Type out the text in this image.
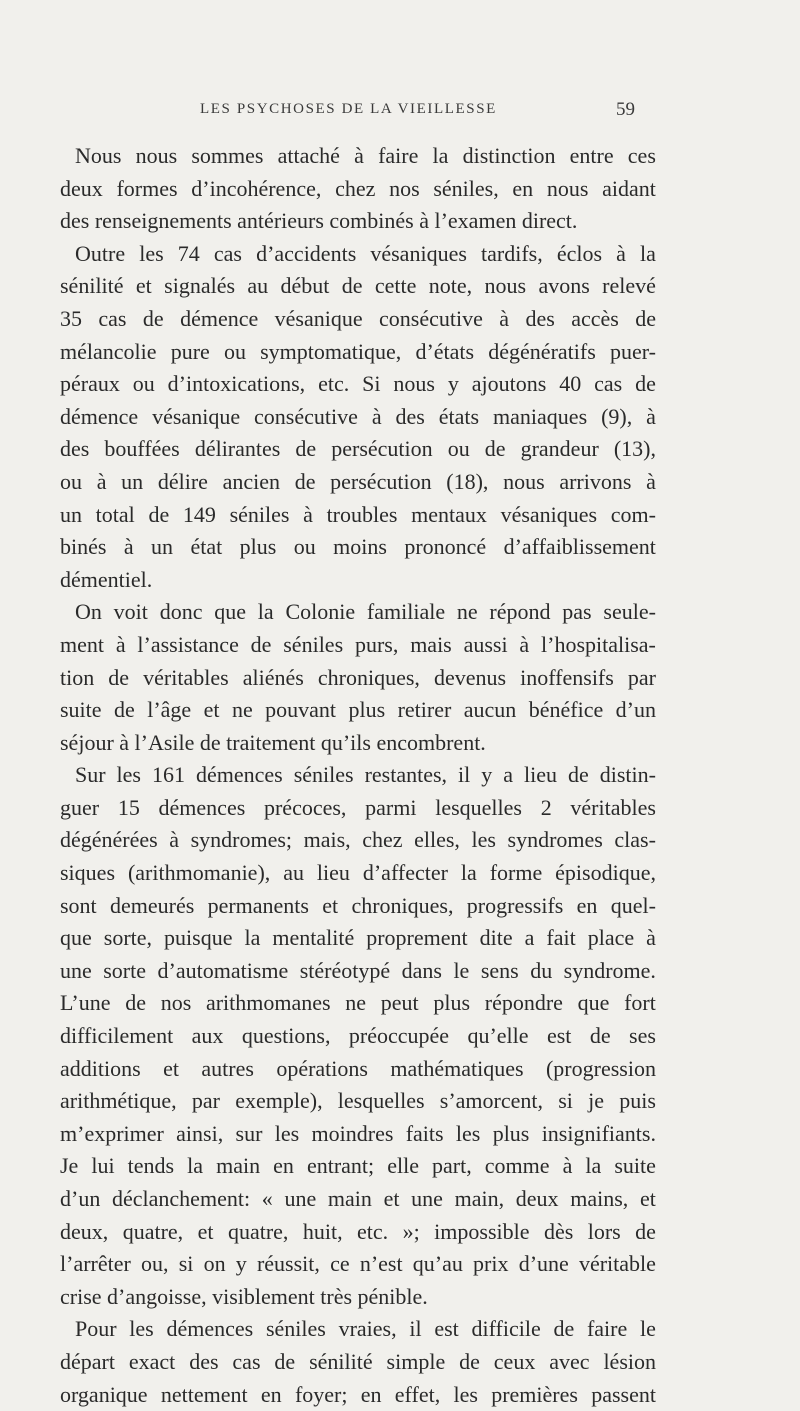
LES PSYCHOSES DE LA VIEILLESSE	59
Nous nous sommes attaché à faire la distinction entre ces
deux formes d’incohérence, chez nos séniles, en nous aidant
des renseignements antérieurs combinés à l’examen direct.
Outre les 74 cas d’accidents vésaniques tardifs, éclos à la
sénilité et signalés au début de cette note, nous avons relevé
35 cas de démence vésanique consécutive à des accès de
mélancolie pure ou symptomatique, d’états dégénératifs puer-
péraux ou d’intoxications, etc. Si nous y ajoutons 40 cas de
démence vésanique consécutive à des états maniaques (9), à
des bouffées délirantes de persécution ou de grandeur (13),
ou à un délire ancien de persécution (18), nous arrivons à
un total de 149 séniles à troubles mentaux vésaniques com-
binés à un état plus ou moins prononcé d’affaiblissement
démentiel.
On voit donc que la Colonie familiale ne répond pas seule-
ment à l’assistance de séniles purs, mais aussi à l’hospitalisa-
tion de véritables aliénés chroniques, devenus inoffensifs par
suite de l’âge et ne pouvant plus retirer aucun bénéfice d’un
séjour à l’Asile de traitement qu’ils encombrent.
Sur les 161 démences séniles restantes, il y a lieu de distin-
guer 15 démences précoces, parmi lesquelles 2 véritables
dégénérées à syndromes; mais, chez elles, les syndromes clas-
siques (arithmomanie), au lieu d’affecter la forme épisodique,
sont demeurés permanents et chroniques, progressifs en quel-
que sorte, puisque la mentalité proprement dite a fait place à
une sorte d’automatisme stéréotypé dans le sens du syndrome.
L’une de nos arithmomanes ne peut plus répondre que fort
difficilement aux questions, préoccupée qu’elle est de ses
additions et autres opérations mathématiques (progression
arithmétique, par exemple), lesquelles s’amorcent, si je puis
m’exprimer ainsi, sur les moindres faits les plus insignifiants.
Je lui tends la main en entrant; elle part, comme à la suite
d’un déclanchement: « une main et une main, deux mains, et
deux, quatre, et quatre, huit, etc. »; impossible dès lors de
l’arrêter ou, si on y réussit, ce n’est qu’au prix d’une véritable
crise d’angoisse, visiblement très pénible.
Pour les démences séniles vraies, il est difficile de faire le
départ exact des cas de sénilité simple de ceux avec lésion
organique nettement en foyer; en effet, les premières passent
